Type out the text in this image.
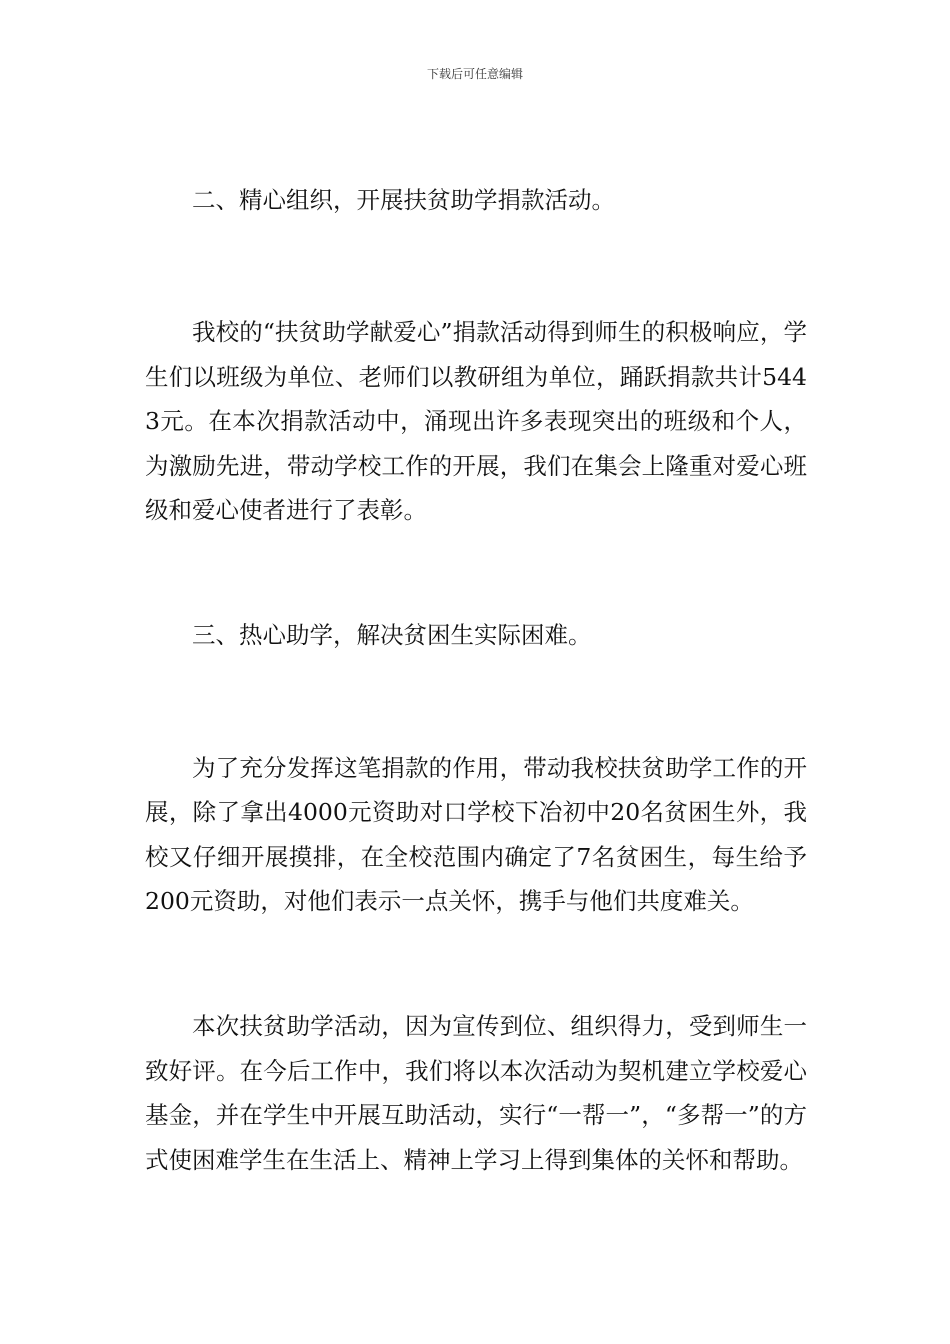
下载后可任意编辑

二、精心组织，开展扶贫助学捐款活动。

我校的“扶贫助学献爱心”捐款活动得到师生的积极响应，学生们以班级为单位、老师们以教研组为单位，踊跃捐款共计5443元。在本次捐款活动中，涌现出许多表现突出的班级和个人，为激励先进，带动学校工作的开展，我们在集会上隆重对爱心班级和爱心使者进行了表彰。

三、热心助学，解决贫困生实际困难。

为了充分发挥这笔捐款的作用，带动我校扶贫助学工作的开展，除了拿出4000元资助对口学校下冶初中20名贫困生外，我校又仔细开展摸排，在全校范围内确定了7名贫困生，每生给予200元资助，对他们表示一点关怀，携手与他们共度难关。

本次扶贫助学活动，因为宣传到位、组织得力，受到师生一致好评。在今后工作中，我们将以本次活动为契机建立学校爱心基金，并在学生中开展互助活动，实行“一帮一”，“多帮一”的方式使困难学生在生活上、精神上学习上得到集体的关怀和帮助。
